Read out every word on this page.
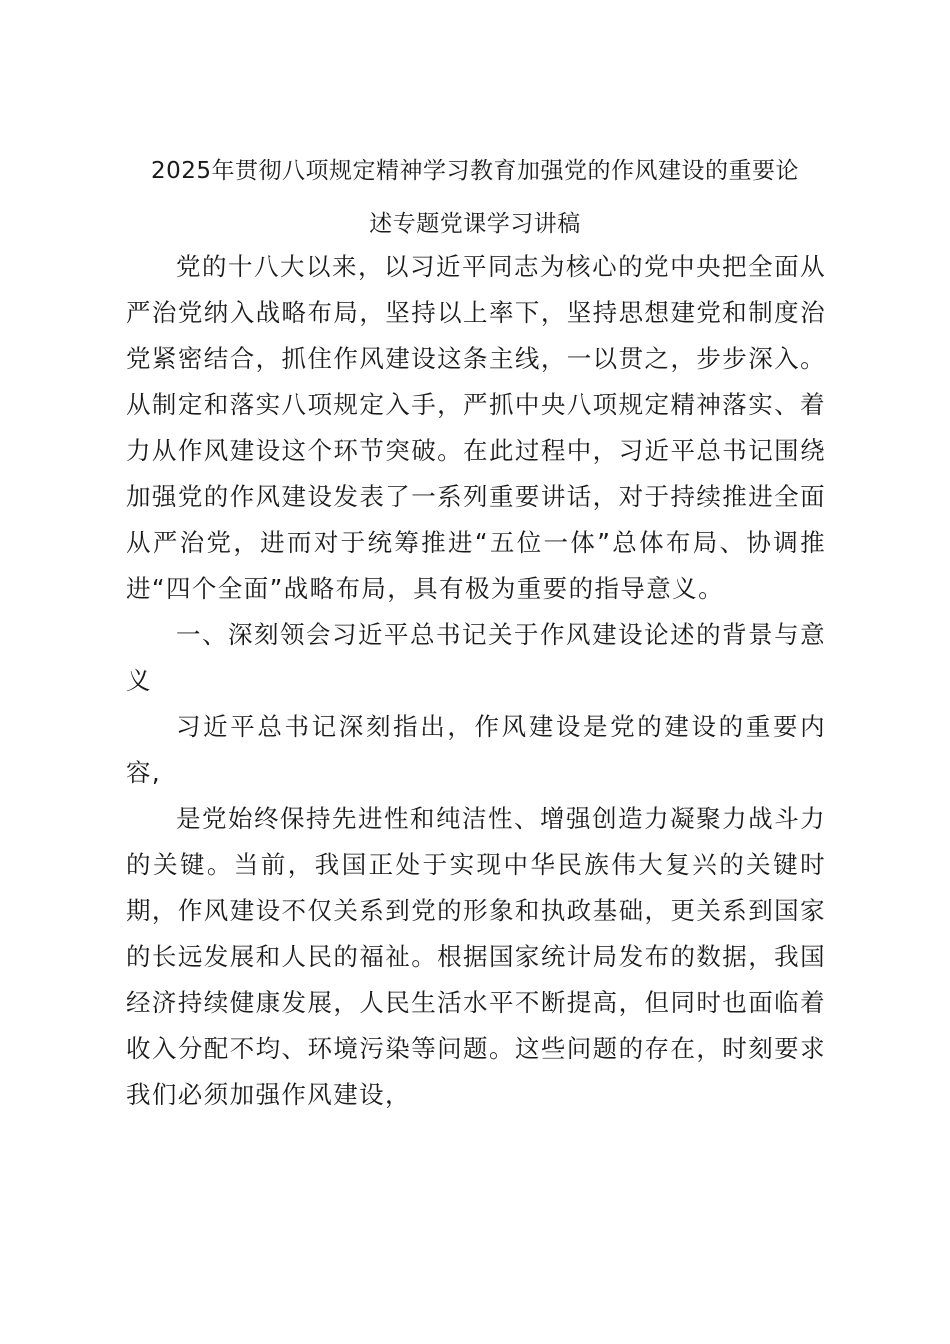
2025年贯彻八项规定精神学习教育加强党的作风建设的重要论
述专题党课学习讲稿

党的十八大以来，以习近平同志为核心的党中央把全面从严治党纳入战略布局，坚持以上率下，坚持思想建党和制度治党紧密结合，抓住作风建设这条主线，一以贯之，步步深入。从制定和落实八项规定入手，严抓中央八项规定精神落实、着力从作风建设这个环节突破。在此过程中，习近平总书记围绕加强党的作风建设发表了一系列重要讲话，对于持续推进全面从严治党，进而对于统筹推进“五位一体”总体布局、协调推进“四个全面”战略布局，具有极为重要的指导意义。

一、深刻领会习近平总书记关于作风建设论述的背景与意义

习近平总书记深刻指出，作风建设是党的建设的重要内容,

是党始终保持先进性和纯洁性、增强创造力凝聚力战斗力的关键。当前，我国正处于实现中华民族伟大复兴的关键时期，作风建设不仅关系到党的形象和执政基础，更关系到国家的长远发展和人民的福祉。根据国家统计局发布的数据，我国经济持续健康发展，人民生活水平不断提高，但同时也面临着收入分配不均、环境污染等问题。这些问题的存在，时刻要求我们必须加强作风建设，
